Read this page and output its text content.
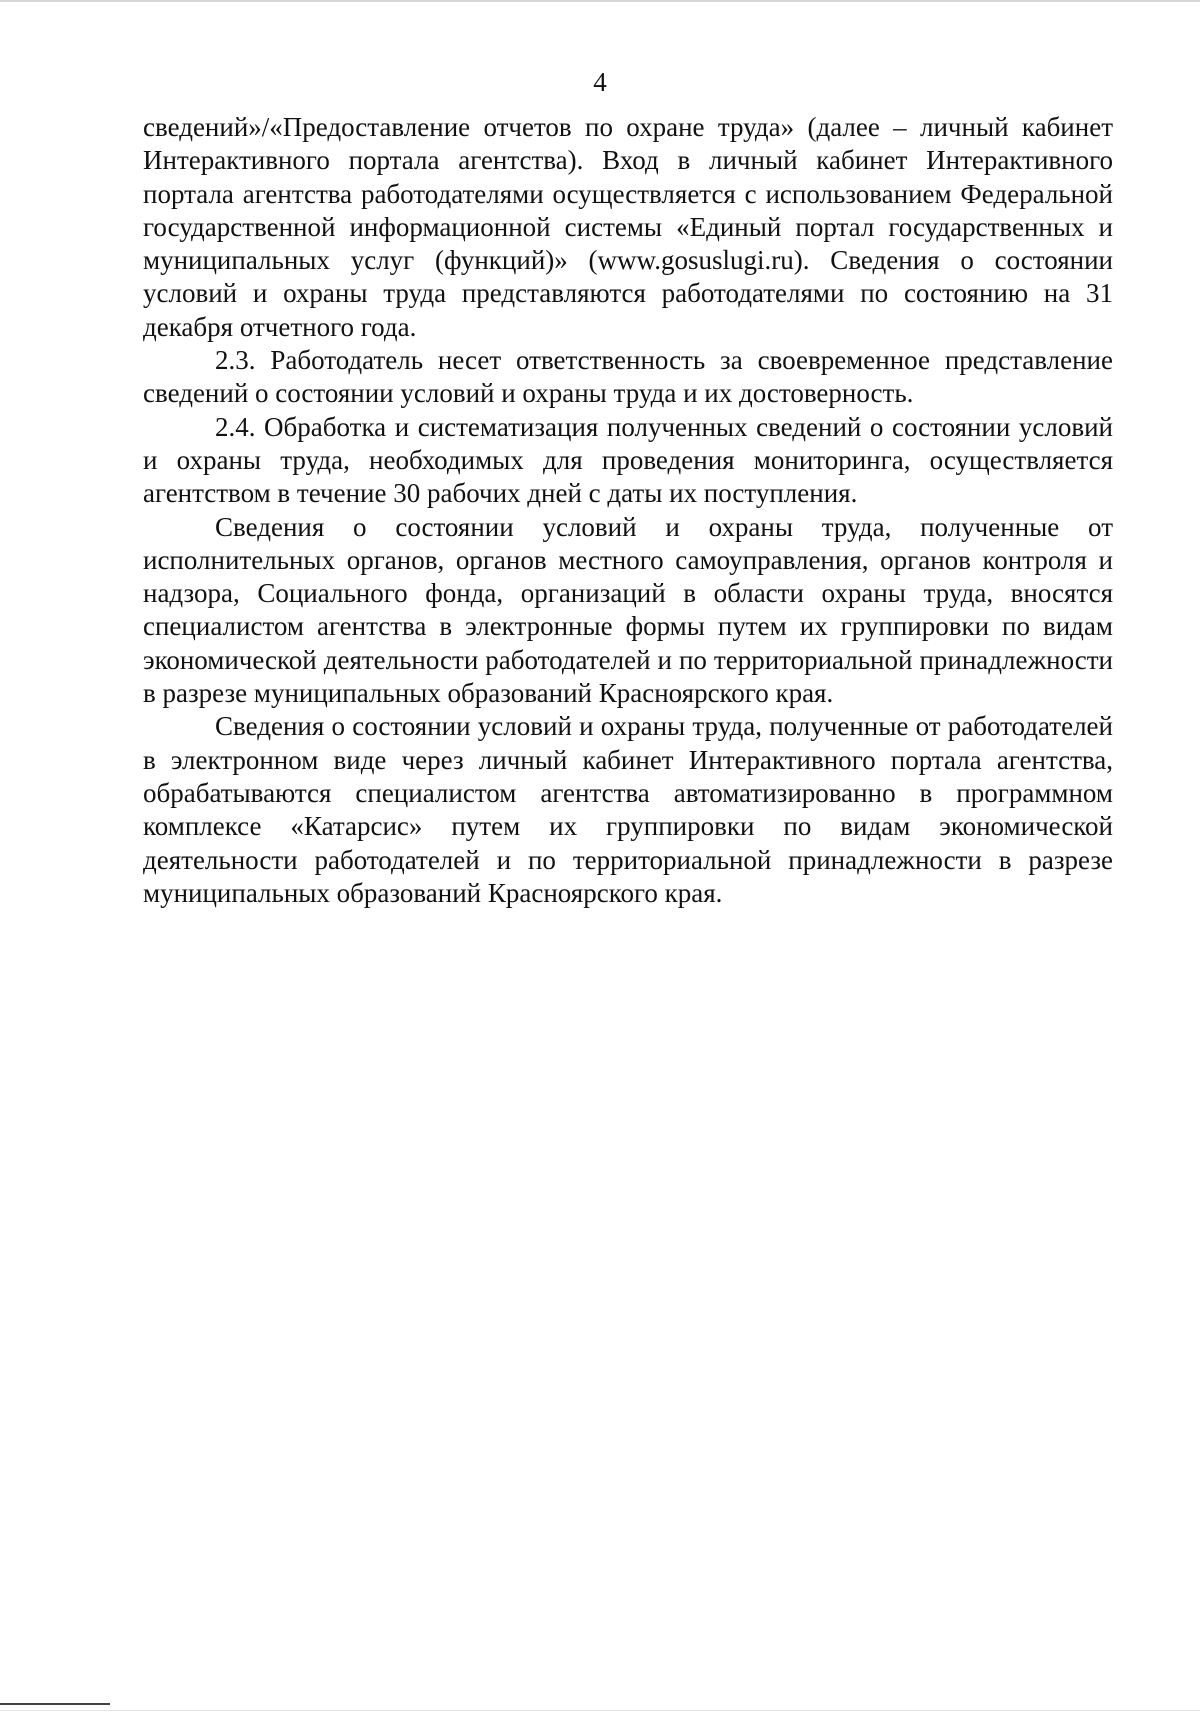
4

сведений»/«Предоставление отчетов по охране труда» (далее – личный кабинет Интерактивного портала агентства). Вход в личный кабинет Интерактивного портала агентства работодателями осуществляется с использованием Федеральной государственной информационной системы «Единый портал государственных и муниципальных услуг (функций)» (www.gosuslugi.ru). Сведения о состоянии условий и охраны труда представляются работодателями по состоянию на 31 декабря отчетного года.

2.3. Работодатель несет ответственность за своевременное представление сведений о состоянии условий и охраны труда и их достоверность.

2.4. Обработка и систематизация полученных сведений о состоянии условий и охраны труда, необходимых для проведения мониторинга, осуществляется агентством в течение 30 рабочих дней с даты их поступления.

Сведения о состоянии условий и охраны труда, полученные от исполнительных органов, органов местного самоуправления, органов контроля и надзора, Социального фонда, организаций в области охраны труда, вносятся специалистом агентства в электронные формы путем их группировки по видам экономической деятельности работодателей и по территориальной принадлежности в разрезе муниципальных образований Красноярского края.

Сведения о состоянии условий и охраны труда, полученные от работодателей в электронном виде через личный кабинет Интерактивного портала агентства, обрабатываются специалистом агентства автоматизированно в программном комплексе «Катарсис» путем их группировки по видам экономической деятельности работодателей и по территориальной принадлежности в разрезе муниципальных образований Красноярского края.
